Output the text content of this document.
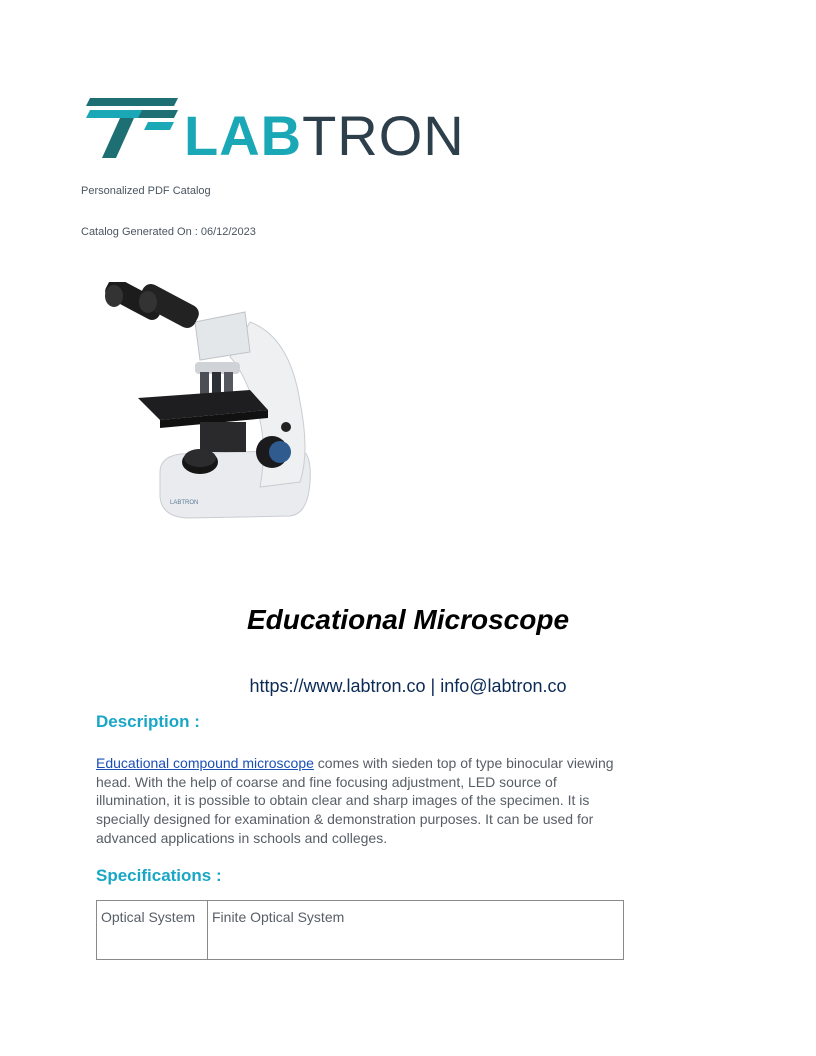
LABTRON
Personalized PDF Catalog
Catalog Generated On : 06/12/2023
LABTRON
Educational Microscope
https://www.labtron.co | info@labtron.co
Description :
Educational compound microscope comes with sieden top of type binocular viewing head. With the help of coarse and fine focusing adjustment, LED source of illumination, it is possible to obtain clear and sharp images of the specimen. It is specially designed for examination & demonstration purposes. It can be used for advanced applications in schools and colleges.
Specifications :
Optical System	Finite Optical System
